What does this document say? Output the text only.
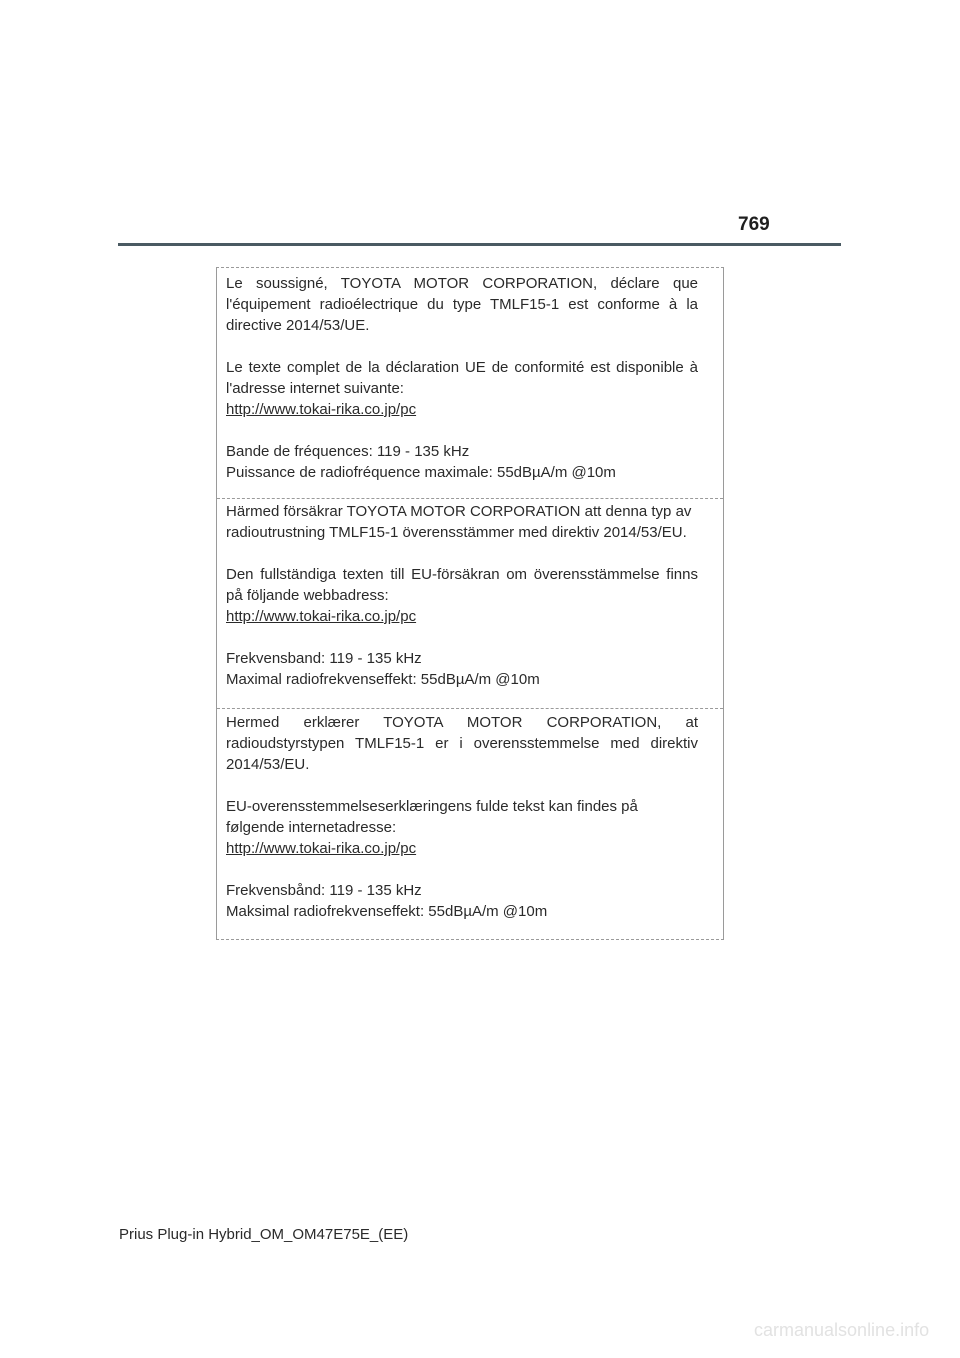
769

Le soussigné, TOYOTA MOTOR CORPORATION, déclare que l'équipement radioélectrique du type TMLF15-1 est conforme à la directive 2014/53/UE.

Le texte complet de la déclaration UE de conformité est disponible à l'adresse internet suivante:

http://www.tokai-rika.co.jp/pc

Bande de fréquences: 119 - 135 kHz

Puissance de radiofréquence maximale: 55dBµA/m @10m

Härmed försäkrar TOYOTA MOTOR CORPORATION att denna typ av radioutrustning TMLF15-1 överensstämmer med direktiv 2014/53/EU.

Den fullständiga texten till EU-försäkran om överensstämmelse finns på följande webbadress:

http://www.tokai-rika.co.jp/pc

Frekvensband: 119 - 135 kHz

Maximal radiofrekvenseffekt: 55dBµA/m @10m

Hermed erklærer TOYOTA MOTOR CORPORATION, at radioudstyrstypen TMLF15-1 er i overensstemmelse med direktiv 2014/53/EU.

EU-overensstemmelseserklæringens fulde tekst kan findes på
følgende internetadresse:

http://www.tokai-rika.co.jp/pc

Frekvensbånd: 119 - 135 kHz

Maksimal radiofrekvenseffekt: 55dBµA/m @10m

Prius Plug-in Hybrid_OM_OM47E75E_(EE)
carmanualsonline.info
